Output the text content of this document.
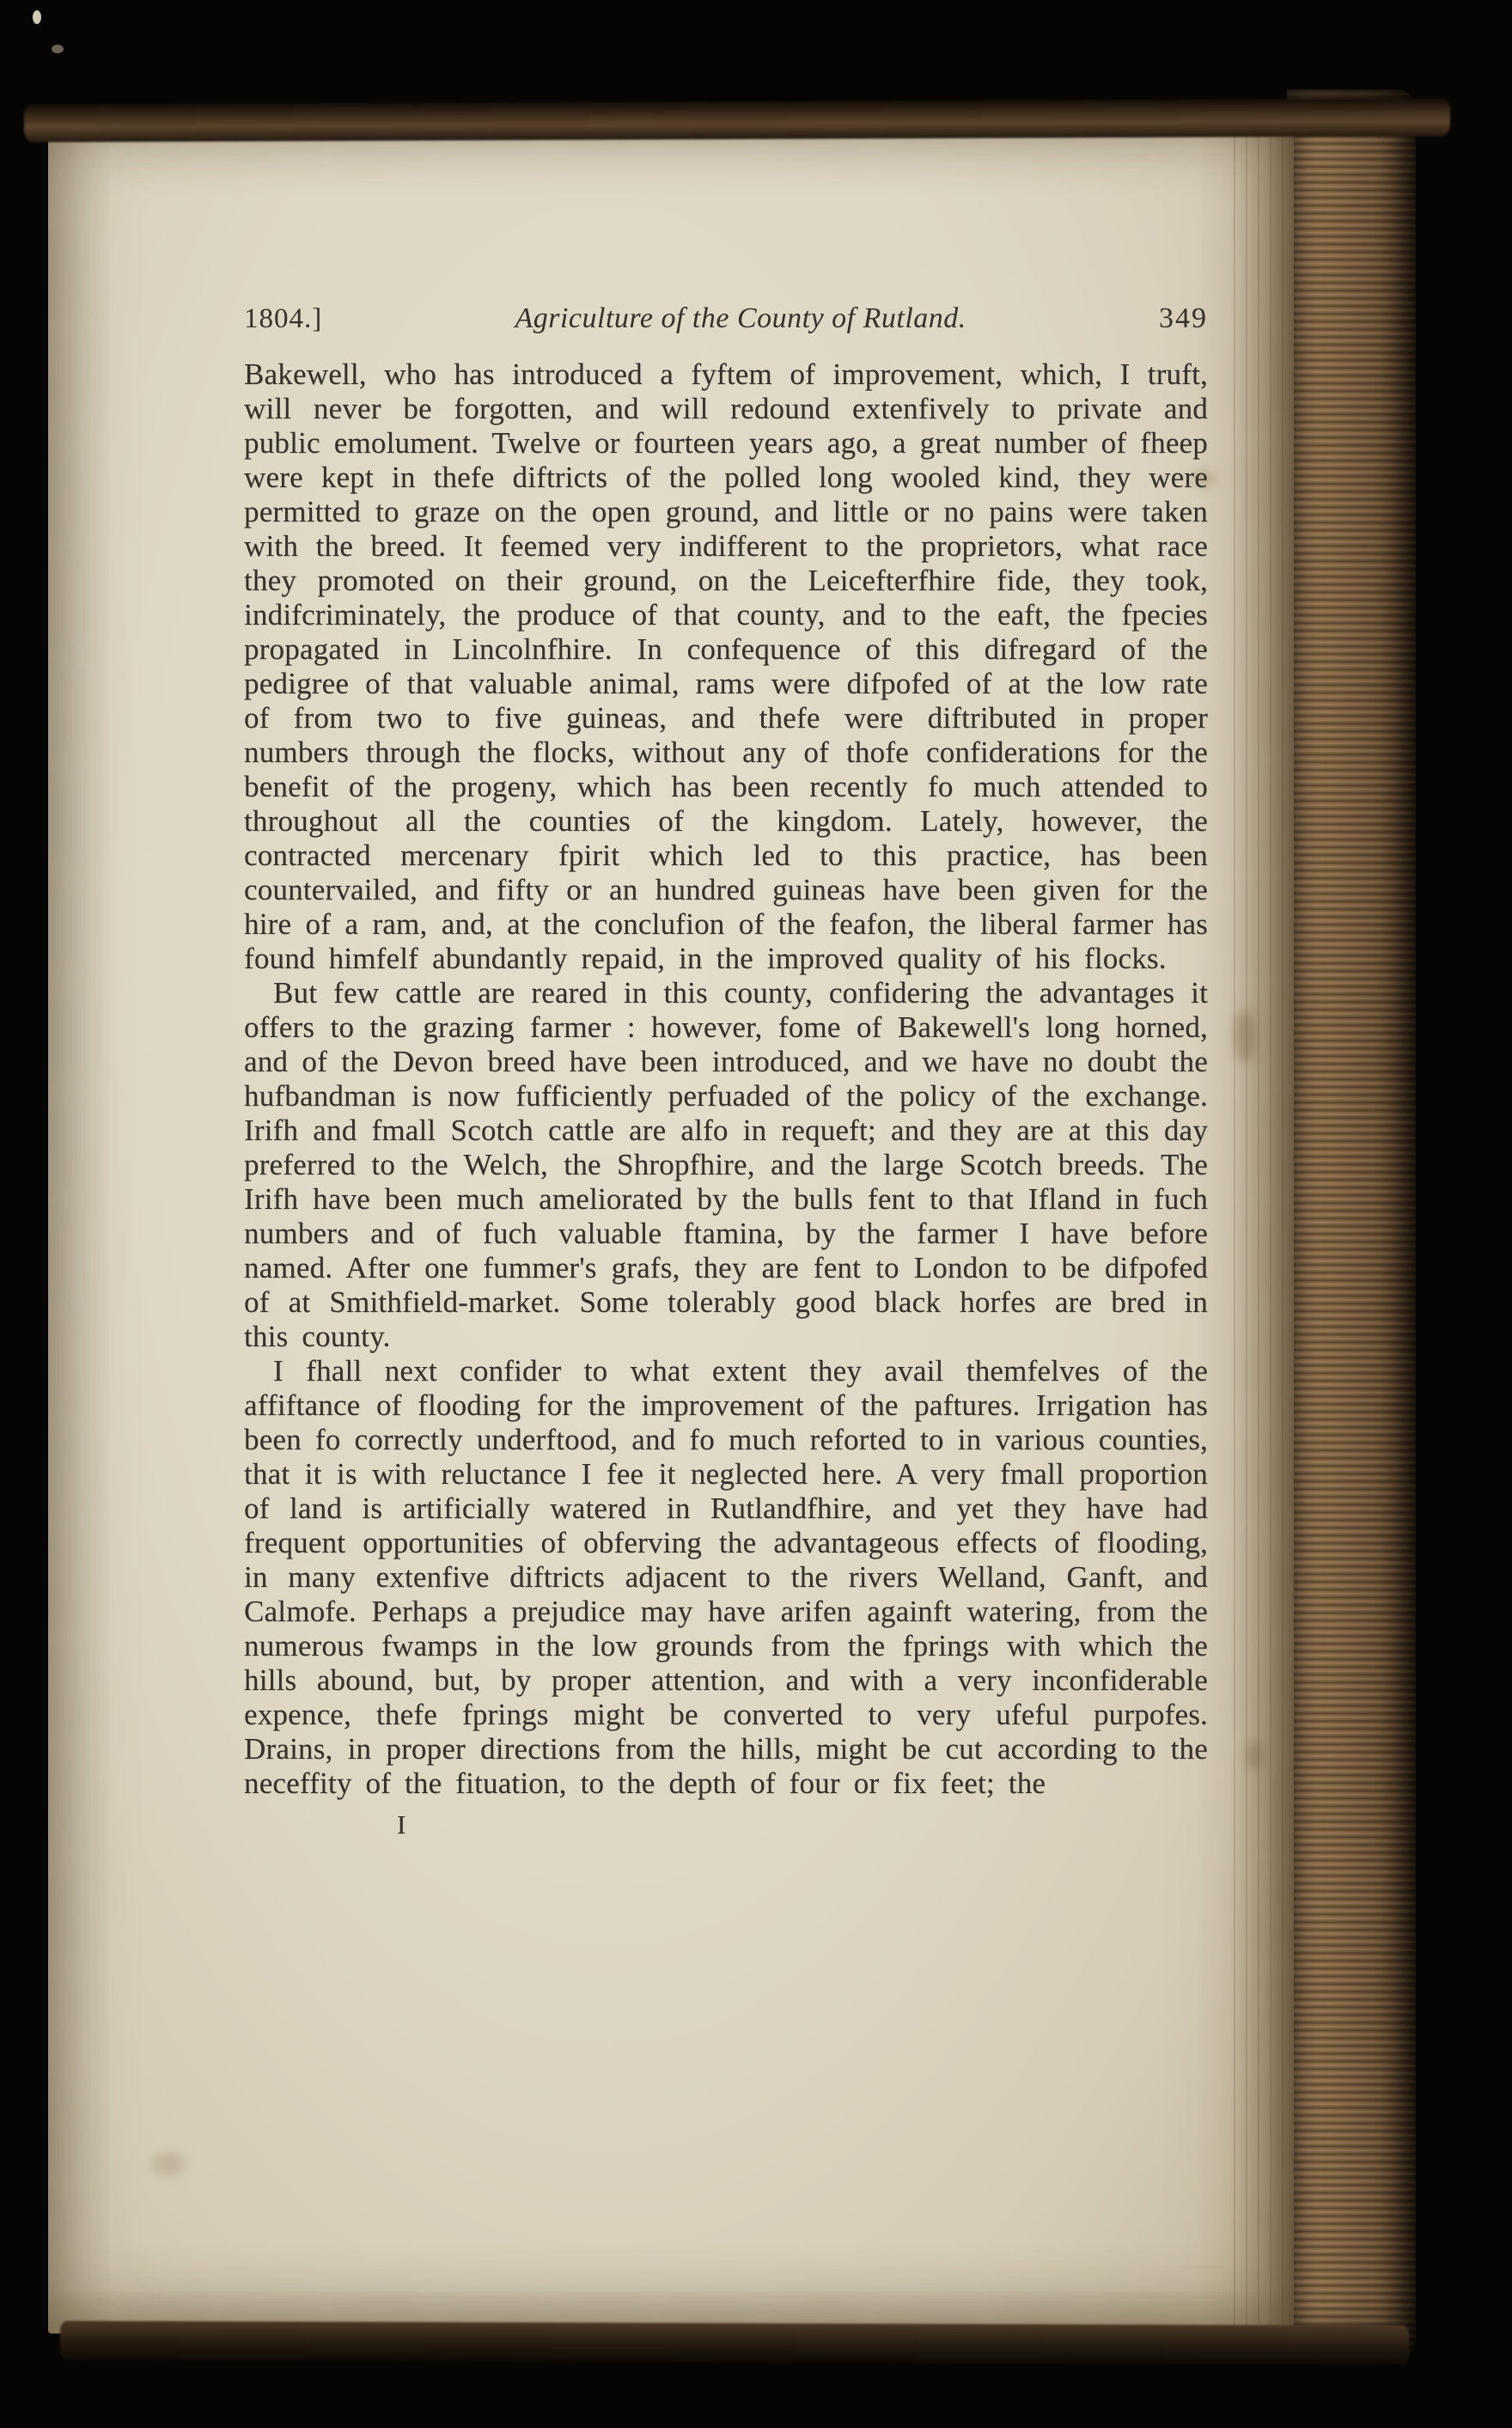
1804.]	Agriculture of the County of Rutland.	349

Bakewell, who has introduced a fyftem of improvement, which, I truft, will never be forgotten, and will redound extenfively to private and public emolument. Twelve or fourteen years ago, a great number of fheep were kept in thefe diftricts of the polled long wooled kind, they were permitted to graze on the open ground, and little or no pains were taken with the breed. It feemed very indifferent to the proprietors, what race they promoted on their ground, on the Leicefterfhire fide, they took, indifcriminately, the produce of that county, and to the eaft, the fpecies propagated in Lincolnfhire. In confequence of this difregard of the pedigree of that valuable animal, rams were difpofed of at the low rate of from two to five guineas, and thefe were diftributed in proper numbers through the flocks, without any of thofe confiderations for the benefit of the progeny, which has been recently fo much attended to throughout all the counties of the kingdom. Lately, however, the contracted mercenary fpirit which led to this practice, has been countervailed, and fifty or an hundred guineas have been given for the hire of a ram, and, at the conclufion of the feafon, the liberal farmer has found himfelf abundantly repaid, in the improved quality of his flocks.

But few cattle are reared in this county, confidering the advantages it offers to the grazing farmer : however, fome of Bakewell's long horned, and of the Devon breed have been introduced, and we have no doubt the hufbandman is now fufficiently perfuaded of the policy of the exchange. Irifh and fmall Scotch cattle are alfo in requeft; and they are at this day preferred to the Welch, the Shropfhire, and the large Scotch breeds. The Irifh have been much ameliorated by the bulls fent to that Ifland in fuch numbers and of fuch valuable ftamina, by the farmer I have before named. After one fummer's grafs, they are fent to London to be difpofed of at Smithfield-market. Some tolerably good black horfes are bred in this county.

I fhall next confider to what extent they avail themfelves of the affiftance of flooding for the improvement of the paftures. Irrigation has been fo correctly underftood, and fo much reforted to in various counties, that it is with reluctance I fee it neglected here. A very fmall proportion of land is artificially watered in Rutlandfhire, and yet they have had frequent opportunities of obferving the advantageous effects of flooding, in many extenfive diftricts adjacent to the rivers Welland, Ganft, and Calmofe. Perhaps a prejudice may have arifen againft watering, from the numerous fwamps in the low grounds from the fprings with which the hills abound, but, by proper attention, and with a very inconfiderable expence, thefe fprings might be converted to very ufeful purpofes. Drains, in proper directions from the hills, might be cut according to the neceffity of the fituation, to the depth of four or fix feet; the

I
